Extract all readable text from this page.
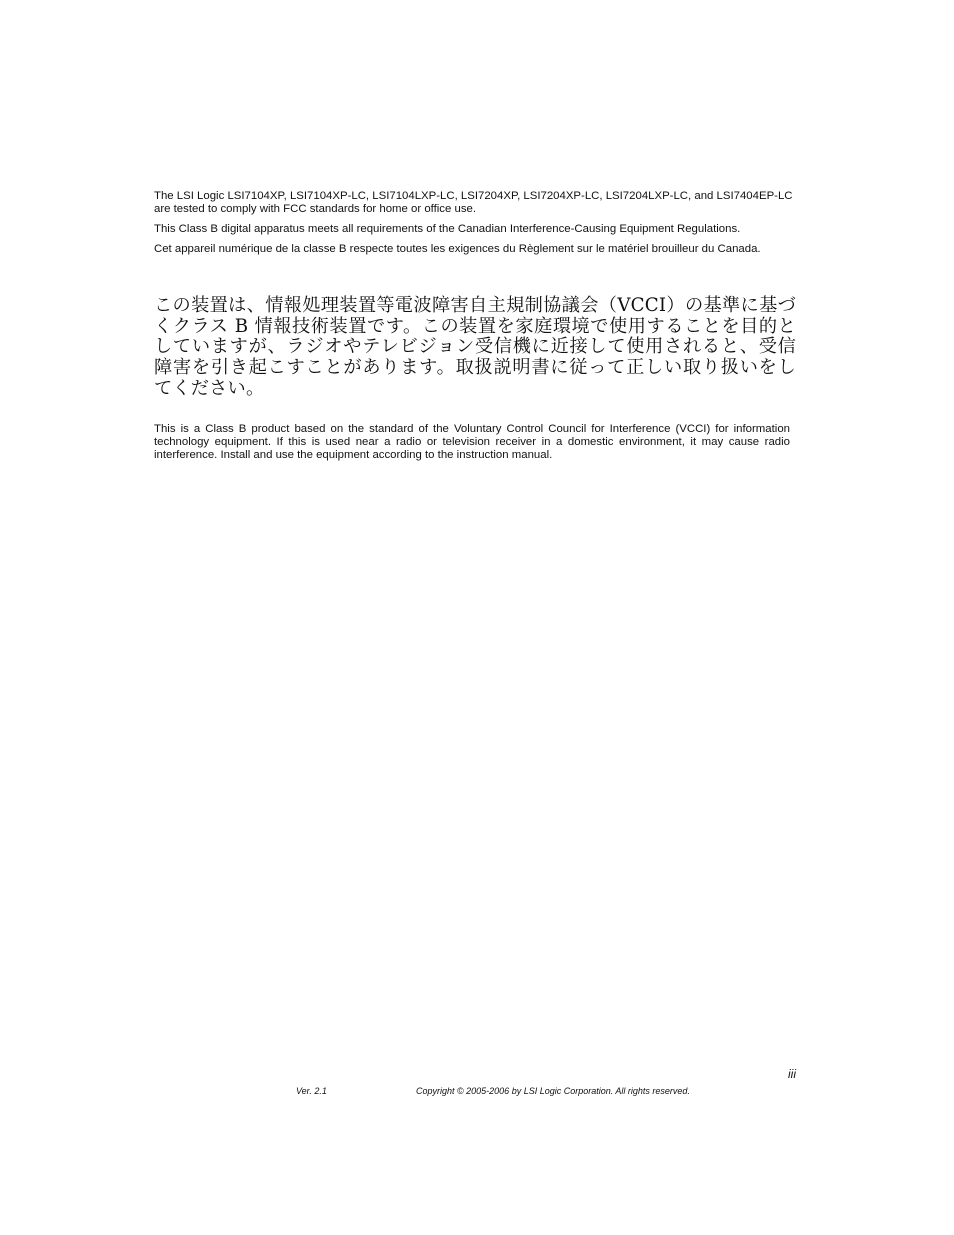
The LSI Logic LSI7104XP, LSI7104XP-LC, LSI7104LXP-LC, LSI7204XP, LSI7204XP-LC, LSI7204LXP-LC, and LSI7404EP-LC are tested to comply with FCC standards for home or office use.

This Class B digital apparatus meets all requirements of the Canadian Interference-Causing Equipment Regulations.

Cet appareil numérique de la classe B respecte toutes les exigences du Règlement sur le matériel brouilleur du Canada.

この装置は、情報処理装置等電波障害自主規制協議会（VCCI）の基準に基づくクラス B 情報技術装置です。この装置を家庭環境で使用することを目的としていますが、ラジオやテレビジョン受信機に近接して使用されると、受信障害を引き起こすことがあります。取扱説明書に従って正しい取り扱いをしてください。

This is a Class B product based on the standard of the Voluntary Control Council for Interference (VCCI) for information technology equipment. If this is used near a radio or television receiver in a domestic environment, it may cause radio interference. Install and use the equipment according to the instruction manual.

iii
Ver. 2.1	Copyright © 2005-2006 by LSI Logic Corporation. All rights reserved.
